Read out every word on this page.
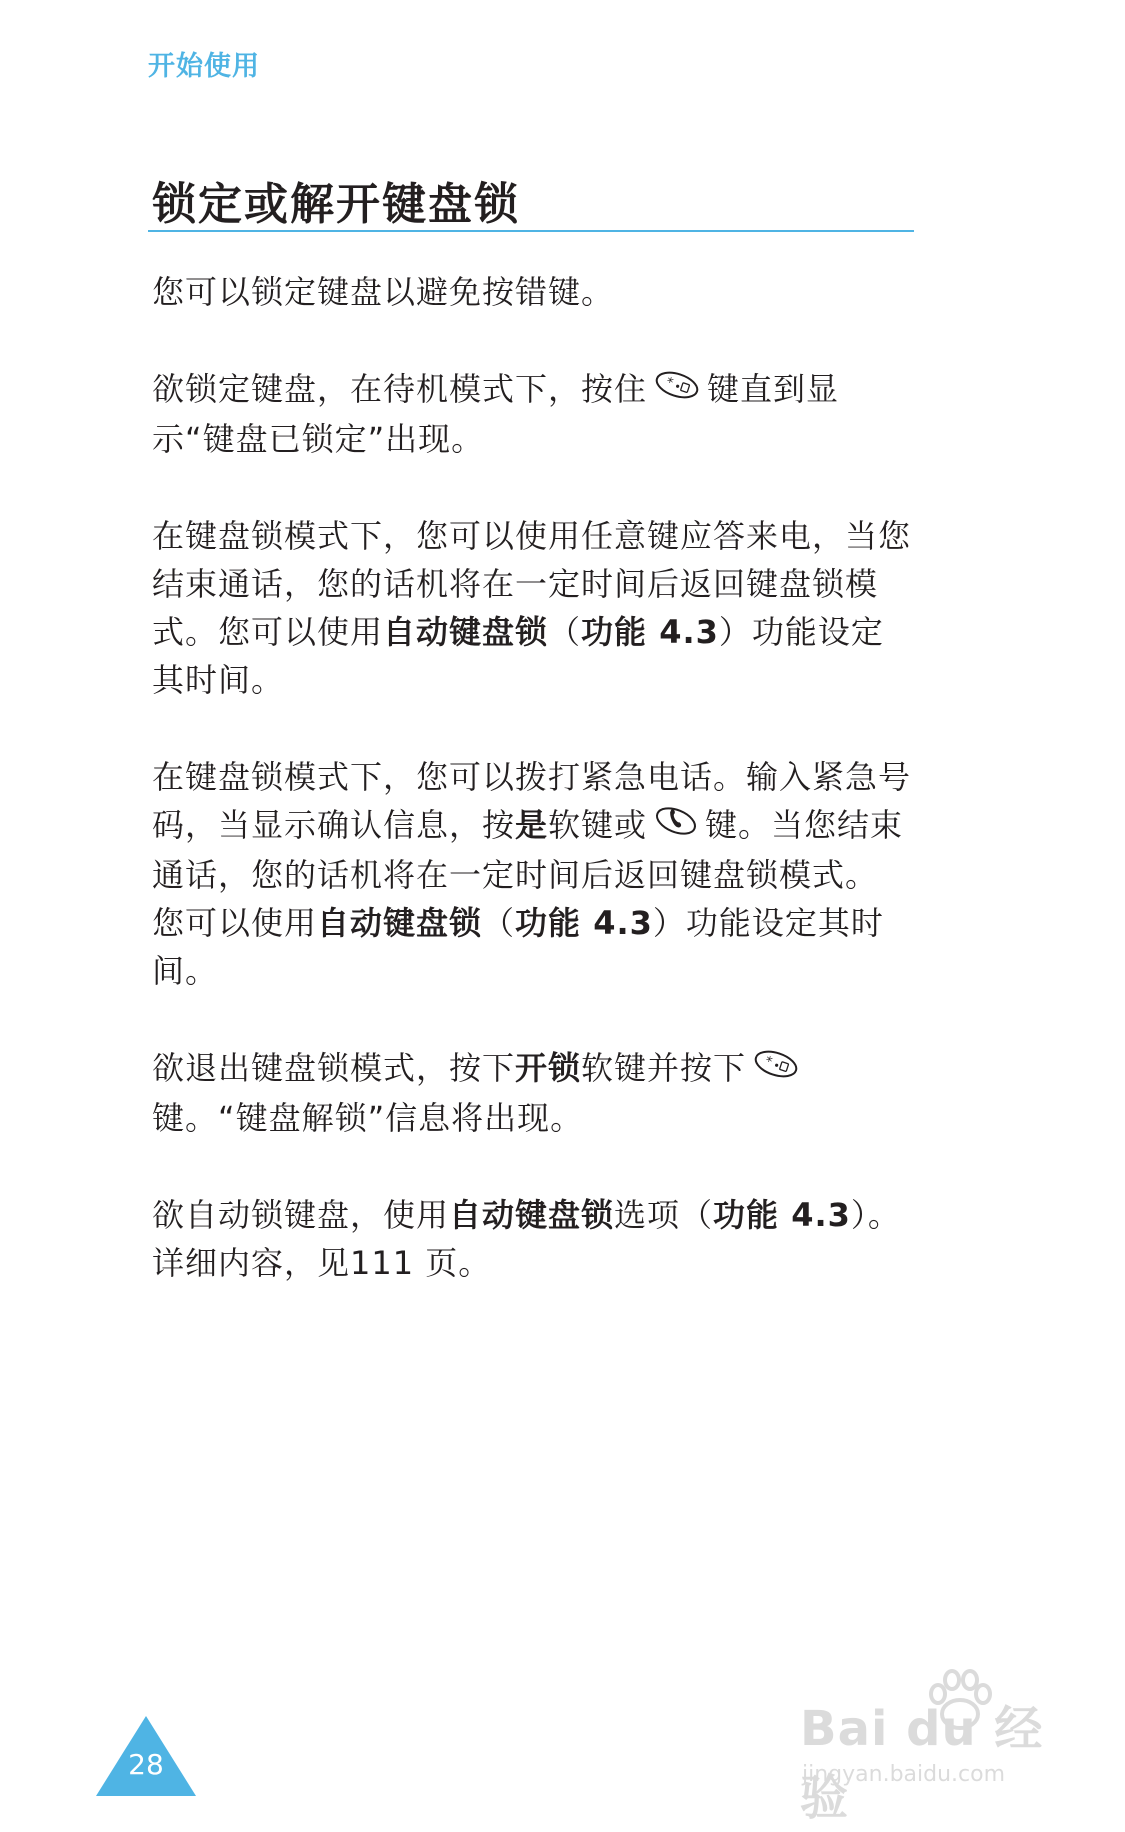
开始使用
锁定或解开键盘锁

您可以锁定键盘以避免按错键。

欲锁定键盘，在待机模式下，按住 * 键直到显示“键盘已锁定”出现。

在键盘锁模式下，您可以使用任意键应答来电，当您结束通话，您的话机将在一定时间后返回键盘锁模式。您可以使用自动键盘锁（功能 4.3）功能设定其时间。

在键盘锁模式下，您可以拨打紧急电话。输入紧急号码，当显示确认信息，按是软键或 键。当您结束通话，您的话机将在一定时间后返回键盘锁模式。 您可以使用自动键盘锁（功能 4.3）功能设定其时间。

欲退出键盘锁模式，按下开锁软键并按下 *
键。“键盘解锁”信息将出现。

欲自动锁键盘，使用自动键盘锁选项（功能 4.3）。详细内容，见111 页。

28
Bai du 经验
jingyan.baidu.com
